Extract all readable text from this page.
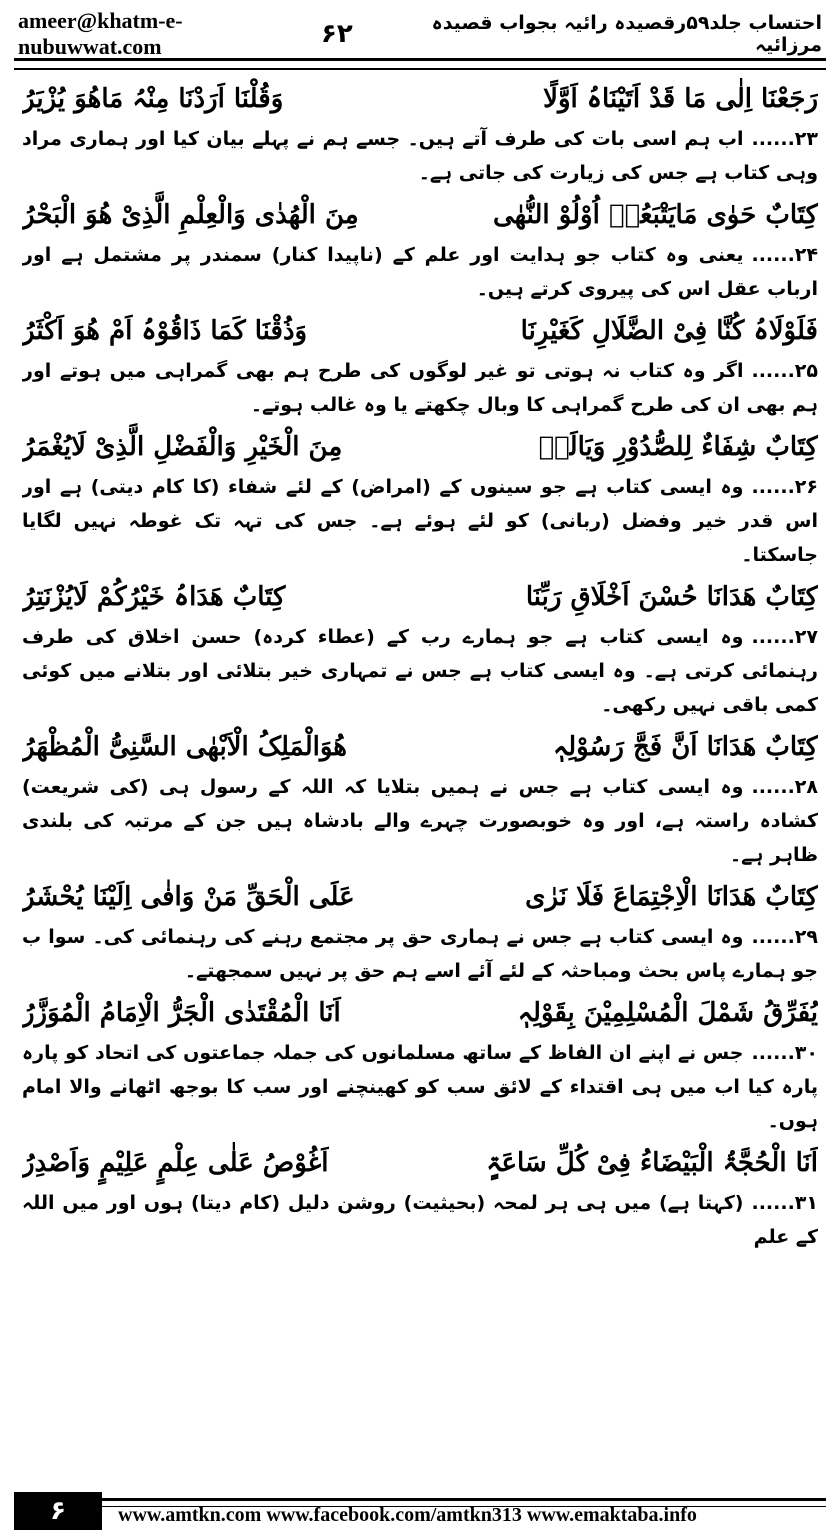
ameer@khatm-e-nubuwwat.com
احتساب جلد۵۹رقصیدہ رائیہ بجواب قصیدہ مرزائیہ
۶۲
رَجَعْنَا اِلٰی مَا قَدْ اَتَیْنَاہُ اَوَّلًا
وَقُلْنَا اَرَدْنَا مِنْہُ مَاھُوَ یُزْیَرُ
۲۳......اب ہم اسی بات کی طرف آتے ہیں۔ جسے ہم نے پہلے بیان کیا اور ہماری مراد وہی کتاب ہے جس کی زیارت کی جاتی ہے۔
کِتَابٌ حَوٰی مَایَتْبَعُہٗ اُوْلُوْ النُّھٰی
مِنَ الْھُدٰی وَالْعِلْمِ الَّذِیْ ھُوَ الْبَحْرُ
۲۴......یعنی وہ کتاب جو ہدایت اور علم کے (ناپیدا کنار) سمندر پر مشتمل ہے اور ارباب عقل اس کی پیروی کرتے ہیں۔
فَلَوْلَاہُ کُنَّا فِیْ الضَّلَالِ کَغَیْرِنَا
وَذُقْنَا کَمَا ذَاقُوْہُ اَمْ ھُوَ اَکْثَرُ
۲۵......اگر وہ کتاب نہ ہوتی تو غیر لوگوں کی طرح ہم بھی گمراہی میں ہوتے اور ہم بھی ان کی طرح گمراہی کا وبال چکھتے یا وہ غالب ہوتے۔
کِتَابٌ شِفَاءٌ لِلصُّدُوْرِ وَیَالَہٗ
مِنَ الْخَیْرِ وَالْفَضْلِ الَّذِیْ لَایُغْمَرُ
۲۶......وہ ایسی کتاب ہے جو سینوں کے (امراض) کے لئے شفاء (کا کام دیتی) ہے اور اس قدر خیر وفضل (ربانی) کو لئے ہوئے ہے۔ جس کی تہہ تک غوطہ نہیں لگایا جاسکتا۔
کِتَابٌ ھَدَانَا حُسْنَ اَخْلَاقِ رَبِّنَا
کِتَابٌ ھَدَاہُ خَیْرُکُمْ لَایُزْنَتِرُ
۲۷......وہ ایسی کتاب ہے جو ہمارے رب کے (عطاء کردہ) حسن اخلاق کی طرف رہنمائی کرتی ہے۔ وہ ایسی کتاب ہے جس نے تمہاری خیر بتلائی اور بتلانے میں کوئی کمی باقی نہیں رکھی۔
کِتَابٌ ھَدَانَا اَنَّ فَجَّ رَسُوْلِہٖ
ھُوَالْمَلِکُ الْاَبْھٰی السَّنِیُّ الْمُظْھَرُ
۲۸......وہ ایسی کتاب ہے جس نے ہمیں بتلایا کہ اللہ کے رسول ہی (کی شریعت) کشادہ راستہ ہے، اور وہ خوبصورت چہرے والے بادشاہ ہیں جن کے مرتبہ کی بلندی ظاہر ہے۔
کِتَابٌ ھَدَانَا الْاِجْتِمَاعَ فَلَا نَرٰی
عَلَی الْحَقِّ مَنْ وَافٰی اِلَیْنَا یُحْشَرُ
۲۹......وہ ایسی کتاب ہے جس نے ہماری حق پر مجتمع رہنے کی رہنمائی کی۔ سوا ب جو ہمارے پاس بحث ومباحثہ کے لئے آئے اسے ہم حق پر نہیں سمجھتے۔
یُفَرِّقُ شَمْلَ الْمُسْلِمِیْنَ بِقَوْلِہٖ
اَنَا الْمُقْتَدٰی الْجَرُّ الْاِمَامُ الْمُوَزَّرُ
۳۰......جس نے اپنے ان الفاظ کے ساتھ مسلمانوں کی جملہ جماعتوں کی اتحاد کو پارہ پارہ کیا اب میں ہی اقتداء کے لائق سب کو کھینچنے اور سب کا بوجھ اٹھانے والا امام ہوں۔
اَنَا الْحُجَّۃُ الْبَیْضَاءُ فِیْ کُلِّ سَاعَۃٍ
اَغُوْصُ عَلٰی عِلْمٍ عَلِیْمٍ وَاَصْدِرُ
۳۱......(کہتا ہے) میں ہی ہر لمحہ (بحیثیت) روشن دلیل (کام دیتا) ہوں اور میں اللہ کے علم
۶	www.amtkn.com www.facebook.com/amtkn313 www.emaktaba.info
